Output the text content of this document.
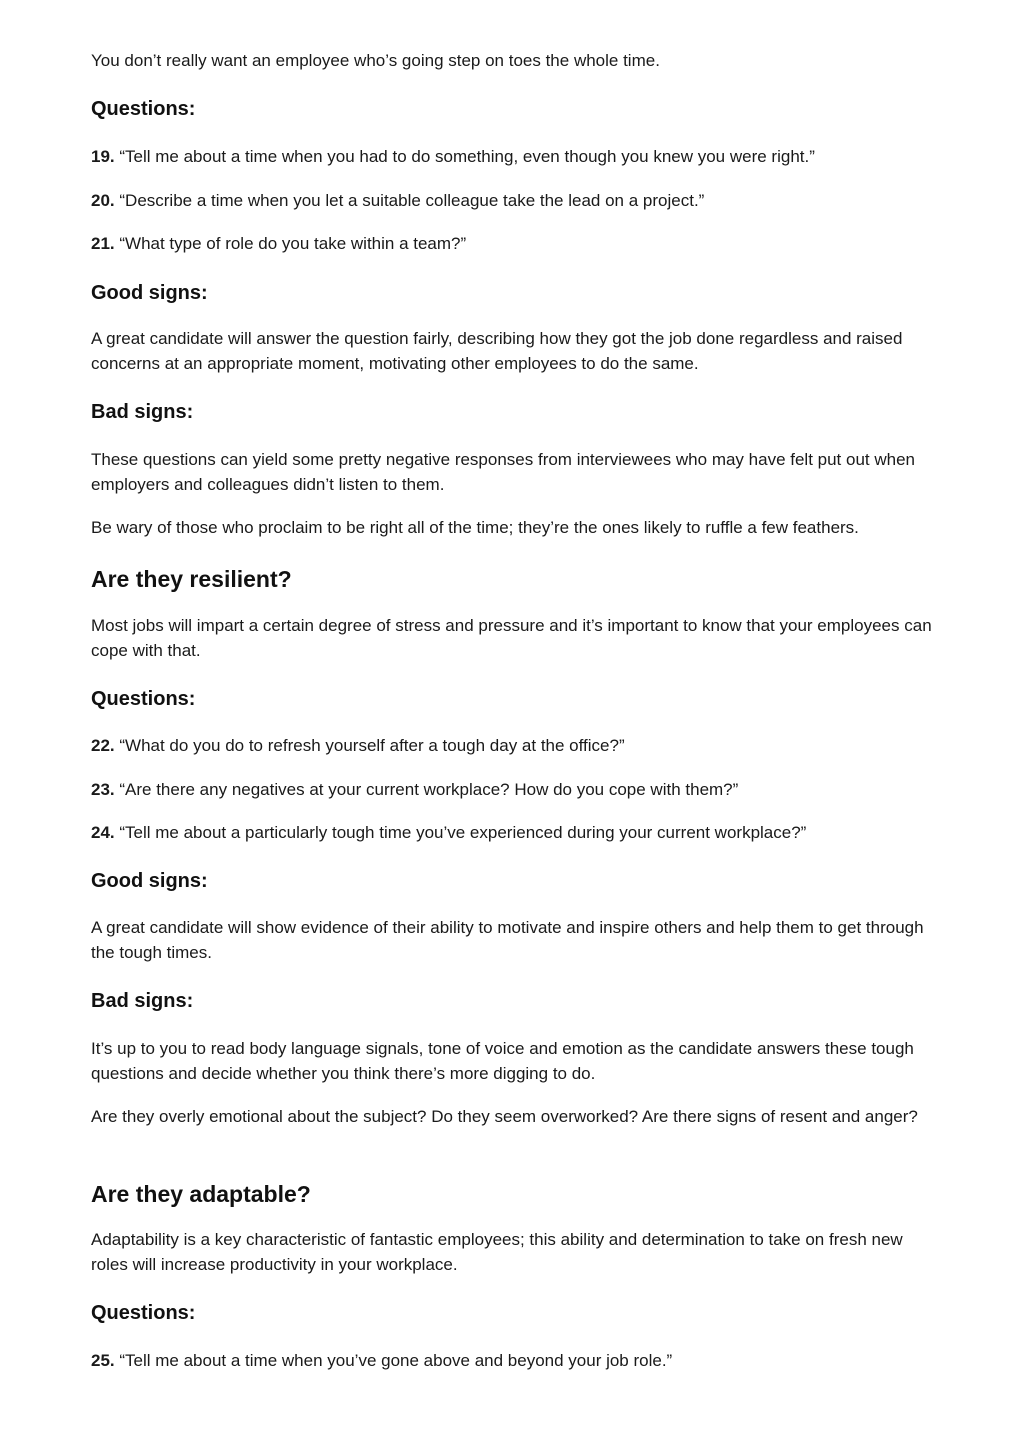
You don’t really want an employee who’s going step on toes the whole time.

Questions:

19. “Tell me about a time when you had to do something, even though you knew you were right.”

20. “Describe a time when you let a suitable colleague take the lead on a project.”

21. “What type of role do you take within a team?”

Good signs:

A great candidate will answer the question fairly, describing how they got the job done regardless and raised concerns at an appropriate moment, motivating other employees to do the same.

Bad signs:

These questions can yield some pretty negative responses from interviewees who may have felt put out when employers and colleagues didn’t listen to them.

Be wary of those who proclaim to be right all of the time; they’re the ones likely to ruffle a few feathers.

Are they resilient?

Most jobs will impart a certain degree of stress and pressure and it’s important to know that your employees can cope with that.

Questions:

22. “What do you do to refresh yourself after a tough day at the office?”

23. “Are there any negatives at your current workplace? How do you cope with them?”

24. “Tell me about a particularly tough time you’ve experienced during your current workplace?”

Good signs:

A great candidate will show evidence of their ability to motivate and inspire others and help them to get through the tough times.

Bad signs:

It’s up to you to read body language signals, tone of voice and emotion as the candidate answers these tough questions and decide whether you think there’s more digging to do.

Are they overly emotional about the subject? Do they seem overworked? Are there signs of resent and anger?

Are they adaptable?

Adaptability is a key characteristic of fantastic employees; this ability and determination to take on fresh new roles will increase productivity in your workplace.

Questions:

25. “Tell me about a time when you’ve gone above and beyond your job role.”
